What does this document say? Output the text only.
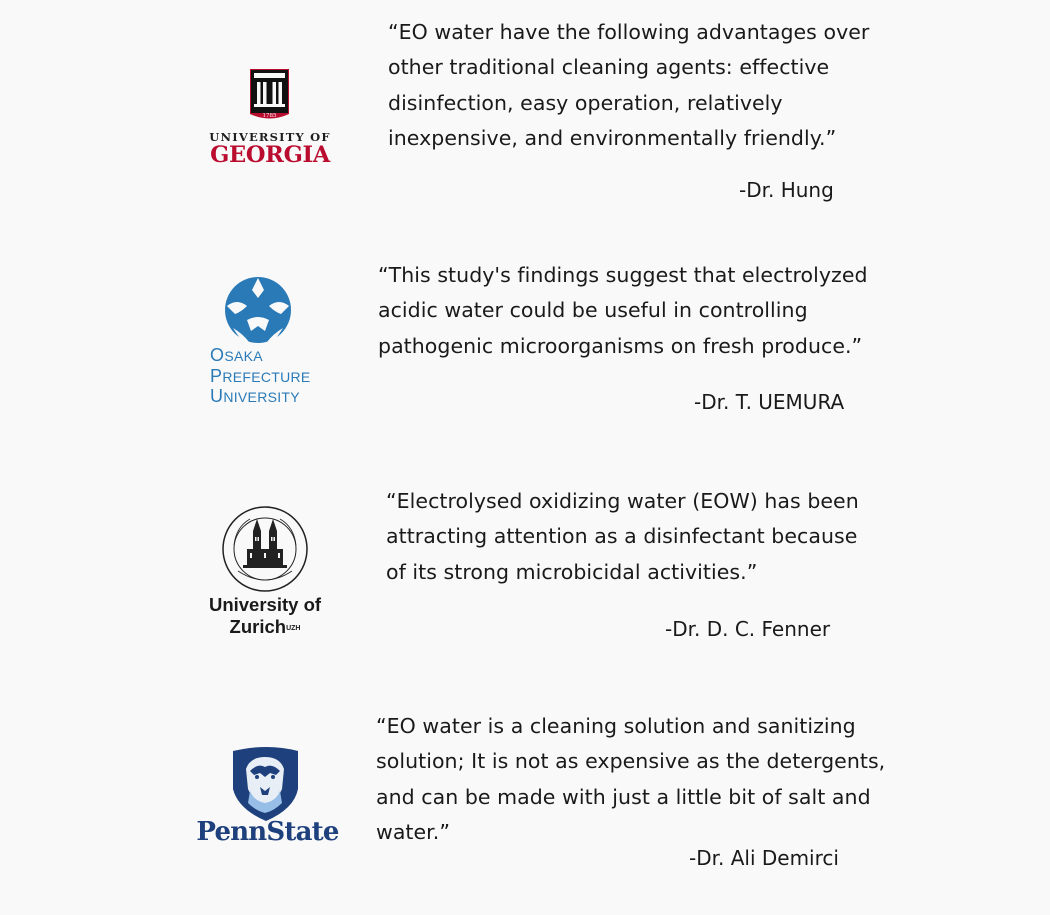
1785
UNIVERSITY OF
GEORGIA

“EO water have the following advantages over
other traditional cleaning agents: effective
disinfection, easy operation, relatively
inexpensive, and environmentally friendly.”

-Dr. Hung
OSAKA
PREFECTURE
UNIVERSITY

“This study's findings suggest that electrolyzed
acidic water could be useful in controlling
pathogenic microorganisms on fresh produce.”

-Dr. T. UEMURA
University of
Zurich$^{UZH}$

“Electrolysed oxidizing water (EOW) has been
attracting attention as a disinfectant because
of its strong microbicidal activities.”

-Dr. D. C. Fenner
PennState

“EO water is a cleaning solution and sanitizing
solution; It is not as expensive as the detergents,
and can be made with just a little bit of salt and
water.”

-Dr. Ali Demirci
